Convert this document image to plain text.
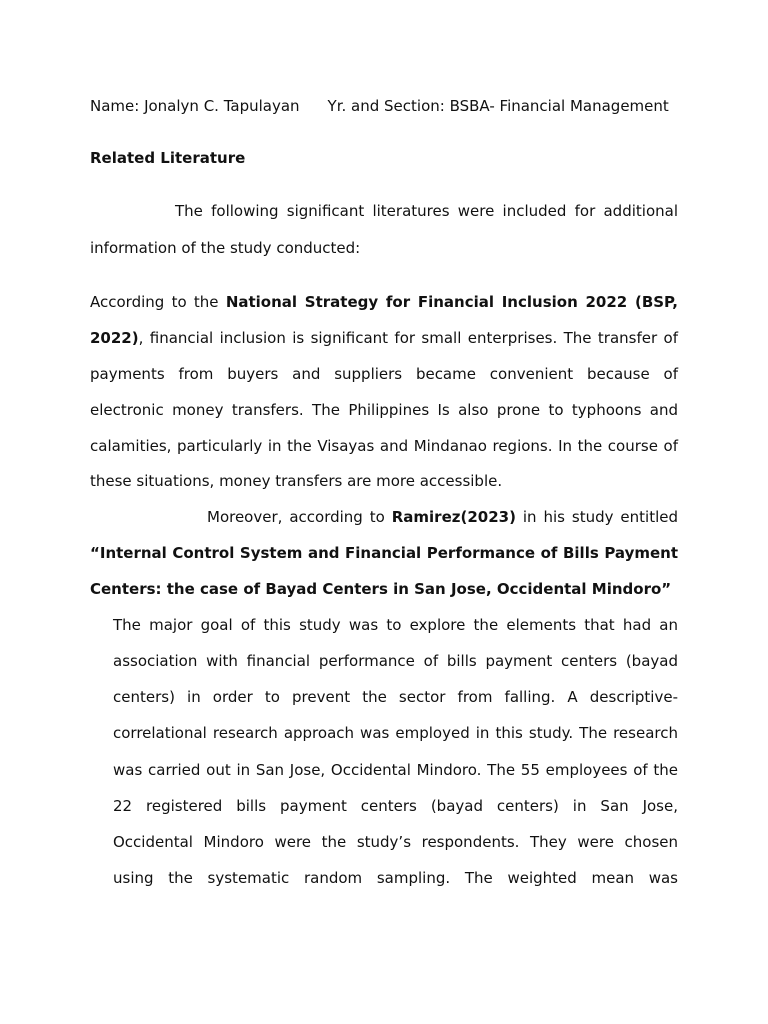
Name: Jonalyn C. Tapulayan Yr. and Section: BSBA- Financial Management

Related Literature

The following significant literatures were included for additional

information of the study conducted:

According to the National Strategy for Financial Inclusion 2022 (BSP,

2022), financial inclusion is significant for small enterprises. The transfer of

payments from buyers and suppliers became convenient because of

electronic money transfers. The Philippines Is also prone to typhoons and

calamities, particularly in the Visayas and Mindanao regions. In the course of

these situations, money transfers are more accessible.

Moreover, according to Ramirez(2023) in his study entitled

“Internal Control System and Financial Performance of Bills Payment

Centers: the case of Bayad Centers in San Jose, Occidental Mindoro”

The major goal of this study was to explore the elements that had an

association with financial performance of bills payment centers (bayad

centers) in order to prevent the sector from falling. A descriptive-

correlational research approach was employed in this study. The research

was carried out in San Jose, Occidental Mindoro. The 55 employees of the

22 registered bills payment centers (bayad centers) in San Jose,

Occidental Mindoro were the study’s respondents. They were chosen

using the systematic random sampling. The weighted mean was
